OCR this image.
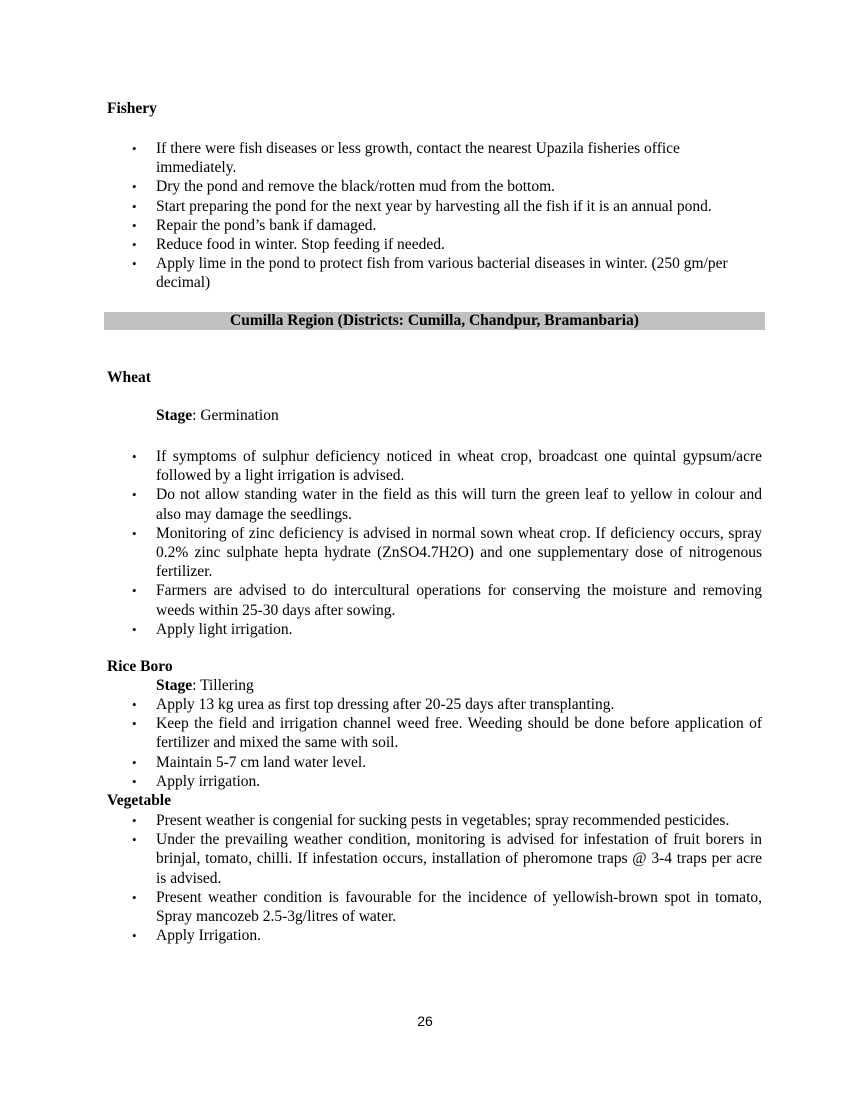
Fishery

• If there were fish diseases or less growth, contact the nearest Upazila fisheries office immediately.
• Dry the pond and remove the black/rotten mud from the bottom.
• Start preparing the pond for the next year by harvesting all the fish if it is an annual pond.
• Repair the pond’s bank if damaged.
• Reduce food in winter. Stop feeding if needed.
• Apply lime in the pond to protect fish from various bacterial diseases in winter. (250 gm/per decimal)

Cumilla Region (Districts: Cumilla, Chandpur, Bramanbaria)

Wheat

Stage: Germination

• If symptoms of sulphur deficiency noticed in wheat crop, broadcast one quintal gypsum/acre followed by a light irrigation is advised.
• Do not allow standing water in the field as this will turn the green leaf to yellow in colour and also may damage the seedlings.
• Monitoring of zinc deficiency is advised in normal sown wheat crop. If deficiency occurs, spray 0.2% zinc sulphate hepta hydrate (ZnSO4.7H2O) and one supplementary dose of nitrogenous fertilizer.
• Farmers are advised to do intercultural operations for conserving the moisture and removing weeds within 25-30 days after sowing.
• Apply light irrigation.

Rice Boro

Stage: Tillering

• Apply 13 kg urea as first top dressing after 20-25 days after transplanting.
• Keep the field and irrigation channel weed free. Weeding should be done before application of fertilizer and mixed the same with soil.
• Maintain 5-7 cm land water level.
• Apply irrigation.

Vegetable

• Present weather is congenial for sucking pests in vegetables; spray recommended pesticides.
• Under the prevailing weather condition, monitoring is advised for infestation of fruit borers in brinjal, tomato, chilli. If infestation occurs, installation of pheromone traps @ 3-4 traps per acre is advised.
• Present weather condition is favourable for the incidence of yellowish-brown spot in tomato, Spray mancozeb 2.5-3g/litres of water.
• Apply Irrigation.

26
